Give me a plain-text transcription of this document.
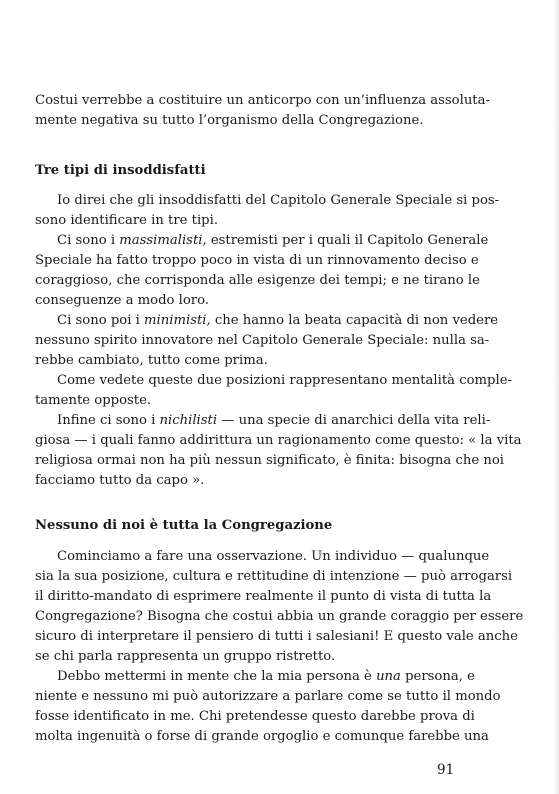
Costui verrebbe a costituire un anticorpo con un’influenza assoluta-
mente negativa su tutto l’organismo della Congregazione.
Tre tipi di insoddisfatti
Io direi che gli insoddisfatti del Capitolo Generale Speciale si pos-
sono identificare in tre tipi.
Ci sono i massimalisti, estremisti per i quali il Capitolo Generale
Speciale ha fatto troppo poco in vista di un rinnovamento deciso e
coraggioso, che corrisponda alle esigenze dei tempi; e ne tirano le
conseguenze a modo loro.
Ci sono poi i minimisti, che hanno la beata capacità di non vedere
nessuno spirito innovatore nel Capitolo Generale Speciale: nulla sa-
rebbe cambiato, tutto come prima.
Come vedete queste due posizioni rappresentano mentalità comple-
tamente opposte.
Infine ci sono i nichilisti — una specie di anarchici della vita reli-
giosa — i quali fanno addirittura un ragionamento come questo: « la vita
religiosa ormai non ha più nessun significato, è finita: bisogna che noi
facciamo tutto da capo ».
Nessuno di noi è tutta la Congregazione
Cominciamo a fare una osservazione. Un individuo — qualunque
sia la sua posizione, cultura e rettitudine di intenzione — può arrogarsi
il diritto-mandato di esprimere realmente il punto di vista di tutta la
Congregazione? Bisogna che costui abbia un grande coraggio per essere
sicuro di interpretare il pensiero di tutti i salesiani! E questo vale anche
se chi parla rappresenta un gruppo ristretto.
Debbo mettermi in mente che la mia persona è una persona, e
niente e nessuno mi può autorizzare a parlare come se tutto il mondo
fosse identificato in me. Chi pretendesse questo darebbe prova di
molta ingenuità o forse di grande orgoglio e comunque farebbe una
91
